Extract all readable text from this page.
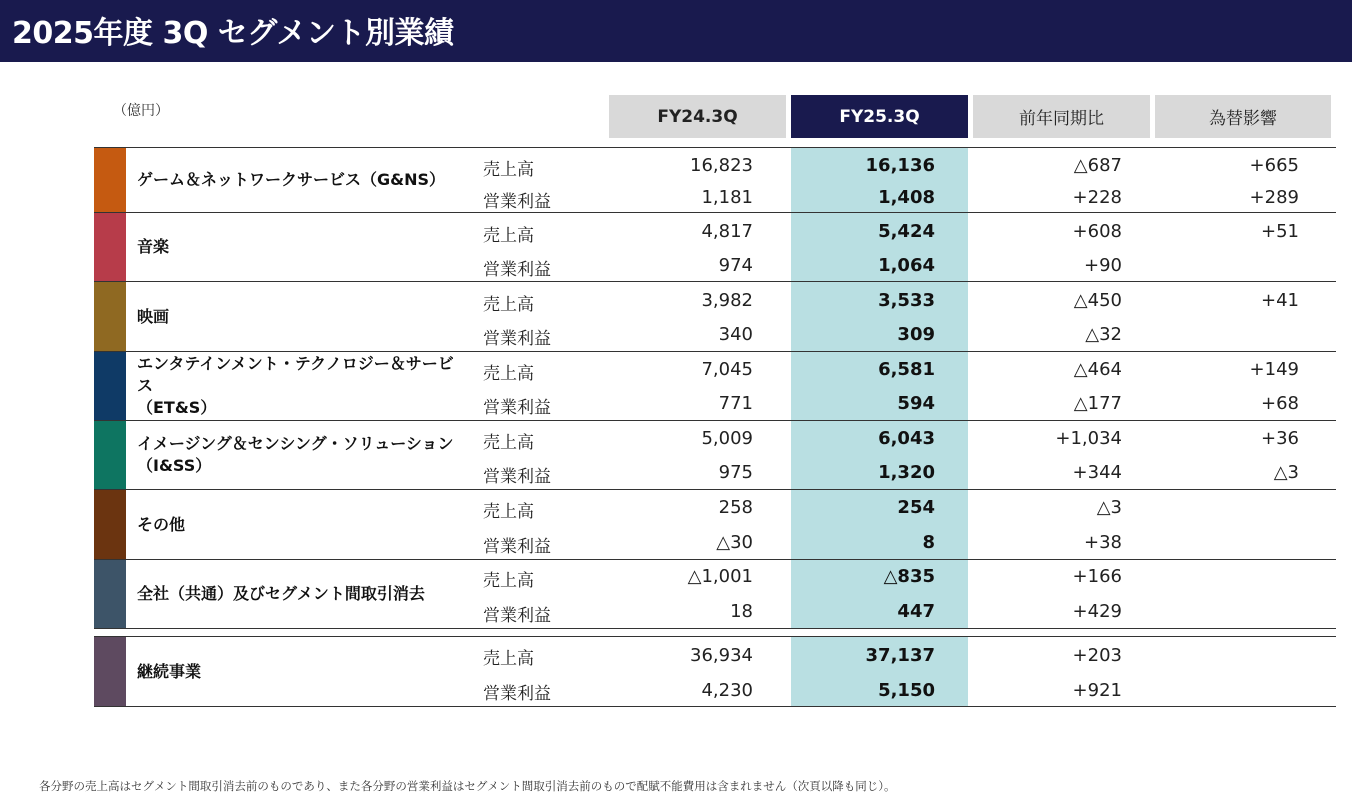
2025年度 3Q セグメント別業績
（億円）	FY24.3Q	FY25.3Q	前年同期比	為替影響
ゲーム＆ネットワークサービス（G&NS）	売上高	16,823	16,136	△687	+665
営業利益	1,181	1,408	+228	+289
音楽
売上高	4,817	5,424	+608	+51
営業利益	974	1,064	+90
映画
売上高	3,982	3,533	△450	+41
営業利益	340	309	△32
エンタテインメント・テクノロジー＆サービス
（ET&S）
売上高	7,045	6,581	△464	+149
営業利益	771	594	△177	+68
イメージング＆センシング・ソリューション
（I&SS）
売上高	5,009	6,043	+1,034	+36
営業利益	975	1,320	+344	△3
その他
売上高	258	254	△3
営業利益	△30	8	+38
全社（共通）及びセグメント間取引消去
売上高	△1,001	△835	+166
営業利益	18	447	+429
継続事業
売上高	36,934	37,137	+203
営業利益	4,230	5,150	+921
各分野の売上高はセグメント間取引消去前のものであり、また各分野の営業利益はセグメント間取引消去前のもので配賦不能費用は含まれません（次頁以降も同じ）。
